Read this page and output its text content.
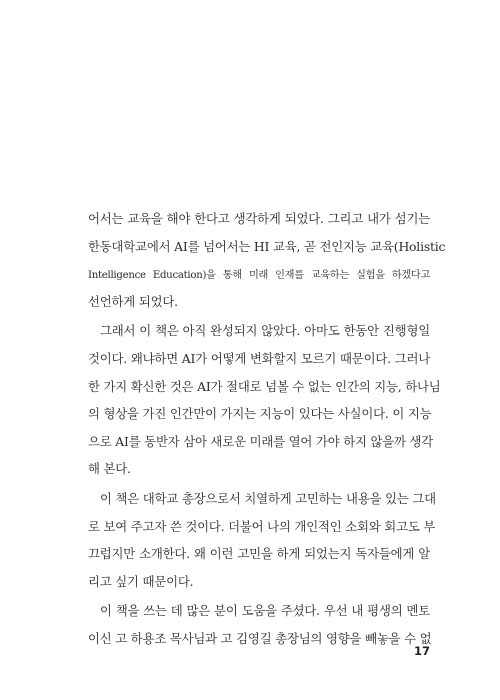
어서는 교육을 해야 한다고 생각하게 되었다. 그리고 내가 섬기는
한동대학교에서 AI를 넘어서는 HI 교육, 곧 전인지능 교육(Holistic
Intelligence Education)을 통해 미래 인재를 교육하는 실험을 하겠다고
선언하게 되었다.
그래서 이 책은 아직 완성되지 않았다. 아마도 한동안 진행형일
것이다. 왜냐하면 AI가 어떻게 변화할지 모르기 때문이다. 그러나
한 가지 확신한 것은 AI가 절대로 넘볼 수 없는 인간의 지능, 하나님
의 형상을 가진 인간만이 가지는 지능이 있다는 사실이다. 이 지능
으로 AI를 동반자 삼아 새로운 미래를 열어 가야 하지 않을까 생각
해 본다.
이 책은 대학교 총장으로서 치열하게 고민하는 내용을 있는 그대
로 보여 주고자 쓴 것이다. 더불어 나의 개인적인 소회와 회고도 부
끄럽지만 소개한다. 왜 이런 고민을 하게 되었는지 독자들에게 알
리고 싶기 때문이다.
이 책을 쓰는 데 많은 분이 도움을 주셨다. 우선 내 평생의 멘토
이신 고 하용조 목사님과 고 김영길 총장님의 영향을 빼놓을 수 없
17
